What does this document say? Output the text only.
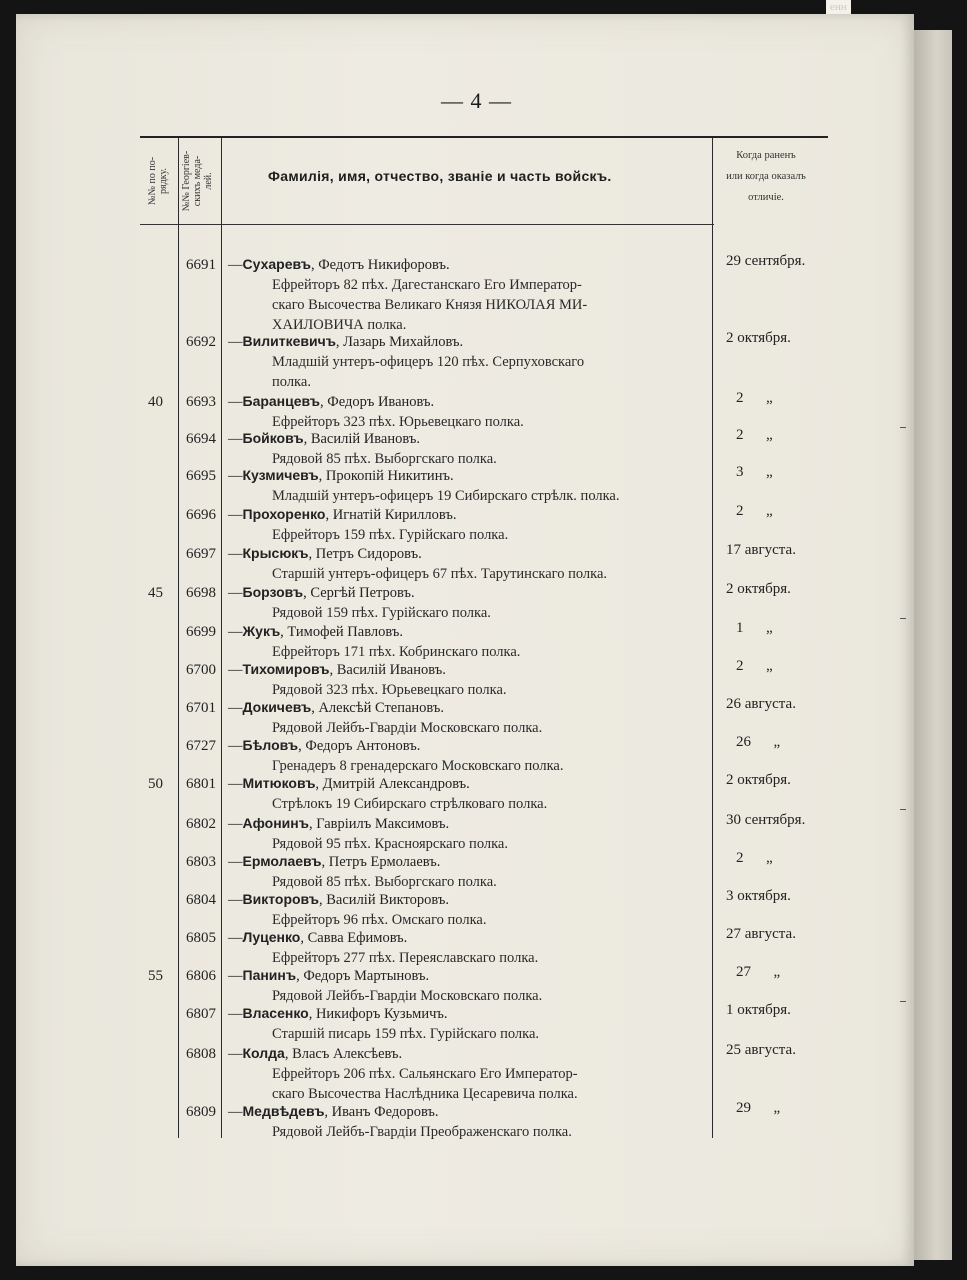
енн
— 4 —
№№ по по-
рядку.
№№ Георгiев-
скихъ меда-
лей.	Фамилія, имя, отчество, званіе и часть войскъ.
Когда раненъ
или когда оказалъ
отличіе.
6691 —Сухаревъ, Федотъ Никифоровъ.
Ефрейторъ 82 пѣх. Дагестанскаго Его Император-
скаго Высочества Великаго Князя НИКОЛАЯ МИ-
ХАИЛОВИЧА полка.
29 сентября.
6692 —Вилиткевичъ, Лазарь Михайловъ.
Младшій унтеръ-офицеръ 120 пѣх. Серпуховскаго
полка.
2 октября.
40 6693 —Баранцевъ, Федоръ Ивановъ.
Ефрейторъ 323 пѣх. Юрьевецкаго полка.
2      „
6694 —Бойковъ, Василій Ивановъ.
Рядовой 85 пѣх. Выборгскаго полка.
2      „
6695 —Кузмичевъ, Прокопій Никитинъ.
Младшій унтеръ-офицеръ 19 Сибирскаго стрѣлк. полка.
3      „
6696 —Прохоренко, Игнатій Кирилловъ.
Ефрейторъ 159 пѣх. Гурійскаго полка.
2      „
6697 —Крысюкъ, Петръ Сидоровъ.
Старшій унтеръ-офицеръ 67 пѣх. Тарутинскаго полка.
17 августа.
45 6698 —Борзовъ, Сергѣй Петровъ.
Рядовой 159 пѣх. Гурійскаго полка.
2 октября.
6699 —Жукъ, Тимофей Павловъ.
Ефрейторъ 171 пѣх. Кобринскаго полка.
1      „
6700 —Тихомировъ, Василій Ивановъ.
Рядовой 323 пѣх. Юрьевецкаго полка.
2      „
6701 —Докичевъ, Алексѣй Степановъ.
Рядовой Лейбъ-Гвардіи Московскаго полка.
26 августа.
6727 —Бѣловъ, Федоръ Антоновъ.
Гренадеръ 8 гренадерскаго Московскаго полка.
26      „
50 6801 —Митюковъ, Дмитрій Александровъ.
Стрѣлокъ 19 Сибирскаго стрѣлковаго полка.
2 октября.
6802 —Афонинъ, Гавріилъ Максимовъ.
Рядовой 95 пѣх. Красноярскаго полка.
30 сентября.
6803 —Ермолаевъ, Петръ Ермолаевъ.
Рядовой 85 пѣх. Выборгскаго полка.
2      „
6804 —Викторовъ, Василій Викторовъ.
Ефрейторъ 96 пѣх. Омскаго полка.
3 октября.
6805 —Луценко, Савва Ефимовъ.
Ефрейторъ 277 пѣх. Переяславскаго полка.
27 августа.
55 6806 —Панинъ, Федоръ Мартыновъ.
Рядовой Лейбъ-Гвардіи Московскаго полка.
27      „
6807 —Власенко, Никифоръ Кузьмичъ.
Старшій писарь 159 пѣх. Гурійскаго полка.
1 октября.
6808 —Колда, Власъ Алексѣевъ.
Ефрейторъ 206 пѣх. Сальянскаго Его Император-
скаго Высочества Наслѣдника Цесаревича полка.
25 августа.
6809 —Медвѣдевъ, Иванъ Федоровъ.
Рядовой Лейбъ-Гвардіи Преображенскаго полка.
29      „
